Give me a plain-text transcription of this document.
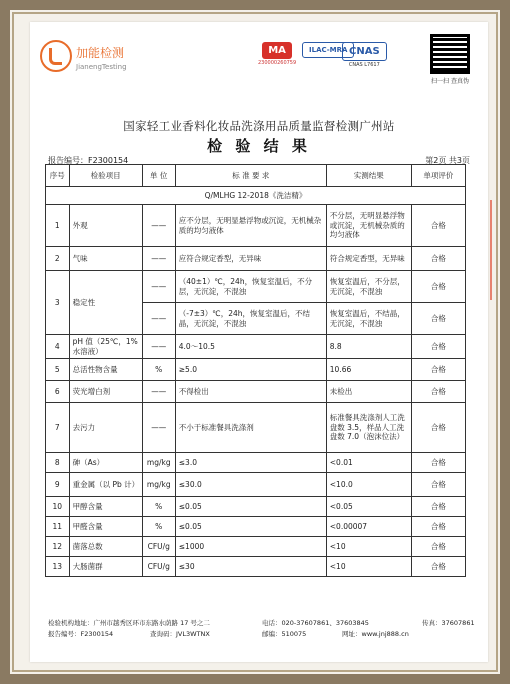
加能检测
JianengTesting
MA
230000260759
ILAC-MRA CNAS
CNAS L7617
扫一扫 查真伪
国家轻工业香料化妆品洗涤用品质量监督检测广州站
检 验 结 果
报告编号：F2300154	第2页 共3页
序号	检验项目	单 位	标 准 要 求	实测结果	单项评价
Q/MLHG 12-2018《洗洁精》					
1	外观	——	应不分层，无明显悬浮物或沉淀，无机械杂质的均匀液体	不分层，无明显悬浮物或沉淀，无机械杂质的均匀液体	合格
2	气味	——	应符合规定香型，无异味	符合规定香型，无异味	合格
3	稳定性	——	（40±1）℃，24h，恢复室温后，不分层，无沉淀，不混浊	恢复室温后，不分层，无沉淀，不混浊	合格
		——	（-7±3）℃，24h，恢复室温后，不结晶，无沉淀，不混浊	恢复室温后，不结晶，无沉淀，不混浊	合格
4	pH 值（25℃，1%水溶液）	——	4.0～10.5	8.8	合格
5	总活性物含量	%	≥5.0	10.66	合格
6	荧光增白剂	——	不得检出	未检出	合格
7	去污力	——	不小于标准餐具洗涤剂	标准餐具洗涤剂人工洗盘数 3.5，样品人工洗盘数 7.0（泡沫位法）	合格
8	砷（As）	mg/kg	≤3.0	<0.01	合格
9	重金属（以 Pb 计）	mg/kg	≤30.0	<10.0	合格
10	甲醇含量	%	≤0.05	<0.05	合格
11	甲醛含量	%	≤0.05	<0.00007	合格
12	菌落总数	CFU/g	≤1000	<10	合格
13	大肠菌群	CFU/g	≤30	<10	合格
检验机构地址：广州市越秀区环市东路水荫路 17 号之二	电话：020-37607861、37603845	传真：37607861
报告编号：F2300154	查询码：JVL3WTNX	邮编：510075	网址：www.jnj888.cn
